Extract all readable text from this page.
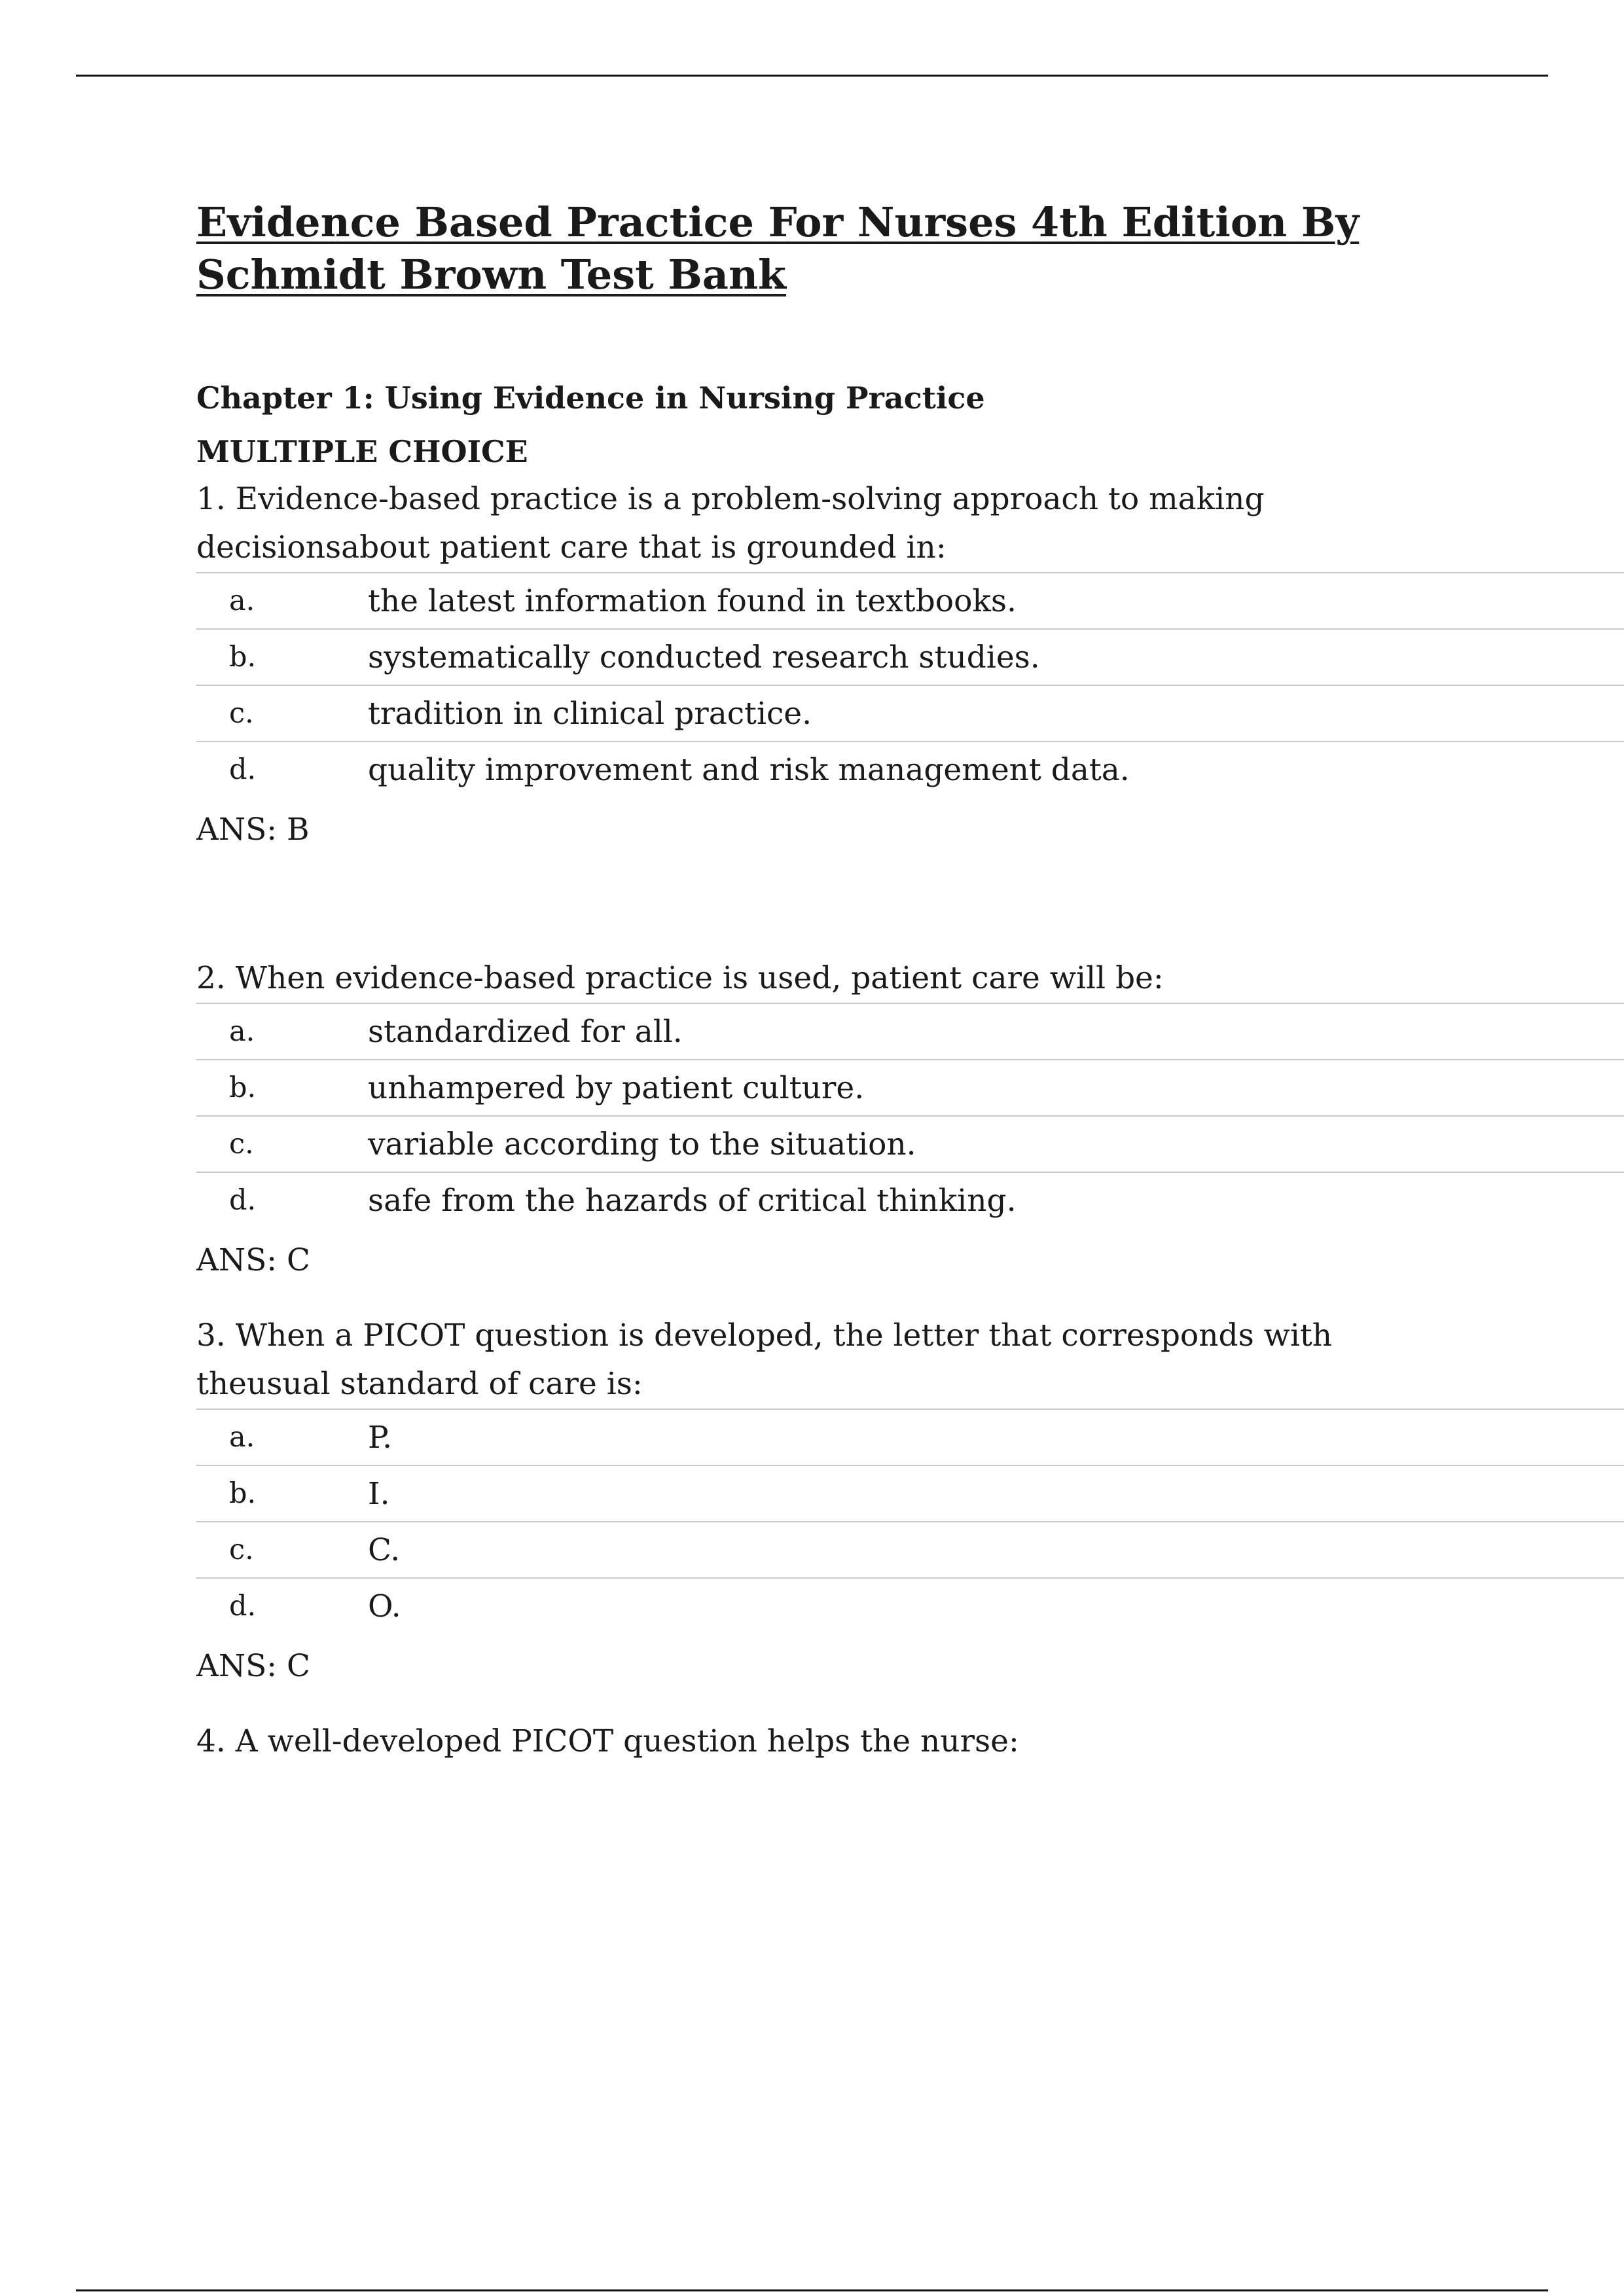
Evidence Based Practice For Nurses 4th Edition By Schmidt Brown Test Bank
Chapter 1: Using Evidence in Nursing Practice
MULTIPLE CHOICE
1. Evidence-based practice is a problem-solving approach to making decisionsabout patient care that is grounded in:
a.	the latest information found in textbooks.
b.	systematically conducted research studies.
c.	tradition in clinical practice.
d.	quality improvement and risk management data.
ANS: B
2. When evidence-based practice is used, patient care will be:
a.	standardized for all.
b.	unhampered by patient culture.
c.	variable according to the situation.
d.	safe from the hazards of critical thinking.
ANS: C
3. When a PICOT question is developed, the letter that corresponds with theusual standard of care is:
a.	P.
b.	I.
c.	C.
d.	O.
ANS: C
4. A well-developed PICOT question helps the nurse:
